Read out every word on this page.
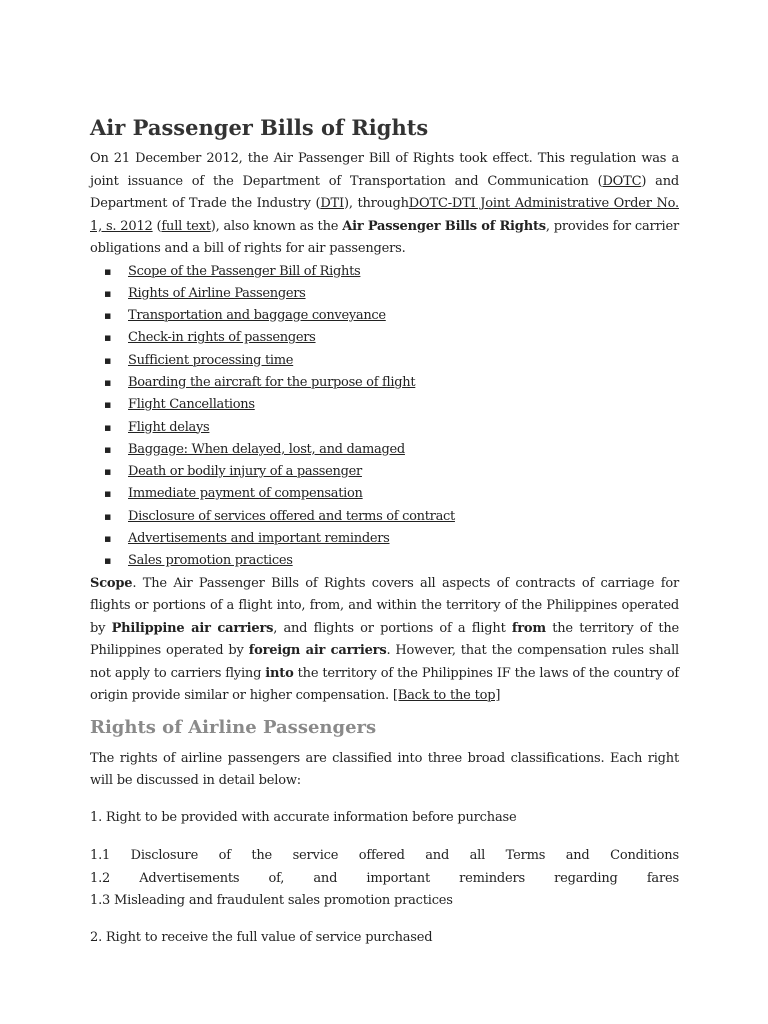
Air Passenger Bills of Rights

On 21 December 2012, the Air Passenger Bill of Rights took effect. This regulation was a joint issuance of the Department of Transportation and Communication (DOTC) and Department of Trade the Industry (DTI), throughDOTC-DTI Joint Administrative Order No. 1, s. 2012 (full text), also known as the Air Passenger Bills of Rights, provides for carrier obligations and a bill of rights for air passengers.

▪ Scope of the Passenger Bill of Rights
▪ Rights of Airline Passengers
▪ Transportation and baggage conveyance
▪ Check-in rights of passengers
▪ Sufficient processing time
▪ Boarding the aircraft for the purpose of flight
▪ Flight Cancellations
▪ Flight delays
▪ Baggage: When delayed, lost, and damaged
▪ Death or bodily injury of a passenger
▪ Immediate payment of compensation
▪ Disclosure of services offered and terms of contract
▪ Advertisements and important reminders
▪ Sales promotion practices

Scope. The Air Passenger Bills of Rights covers all aspects of contracts of carriage for flights or portions of a flight into, from, and within the territory of the Philippines operated by Philippine air carriers, and flights or portions of a flight from the territory of the Philippines operated by foreign air carriers. However, that the compensation rules shall not apply to carriers flying into the territory of the Philippines IF the laws of the country of origin provide similar or higher compensation. [Back to the top]

Rights of Airline Passengers

The rights of airline passengers are classified into three broad classifications. Each right will be discussed in detail below:

1. Right to be provided with accurate information before purchase

1.1 Disclosure of the service offered and all Terms and Conditions
1.2 Advertisements of, and important reminders regarding fares

1.3 Misleading and fraudulent sales promotion practices

2. Right to receive the full value of service purchased
